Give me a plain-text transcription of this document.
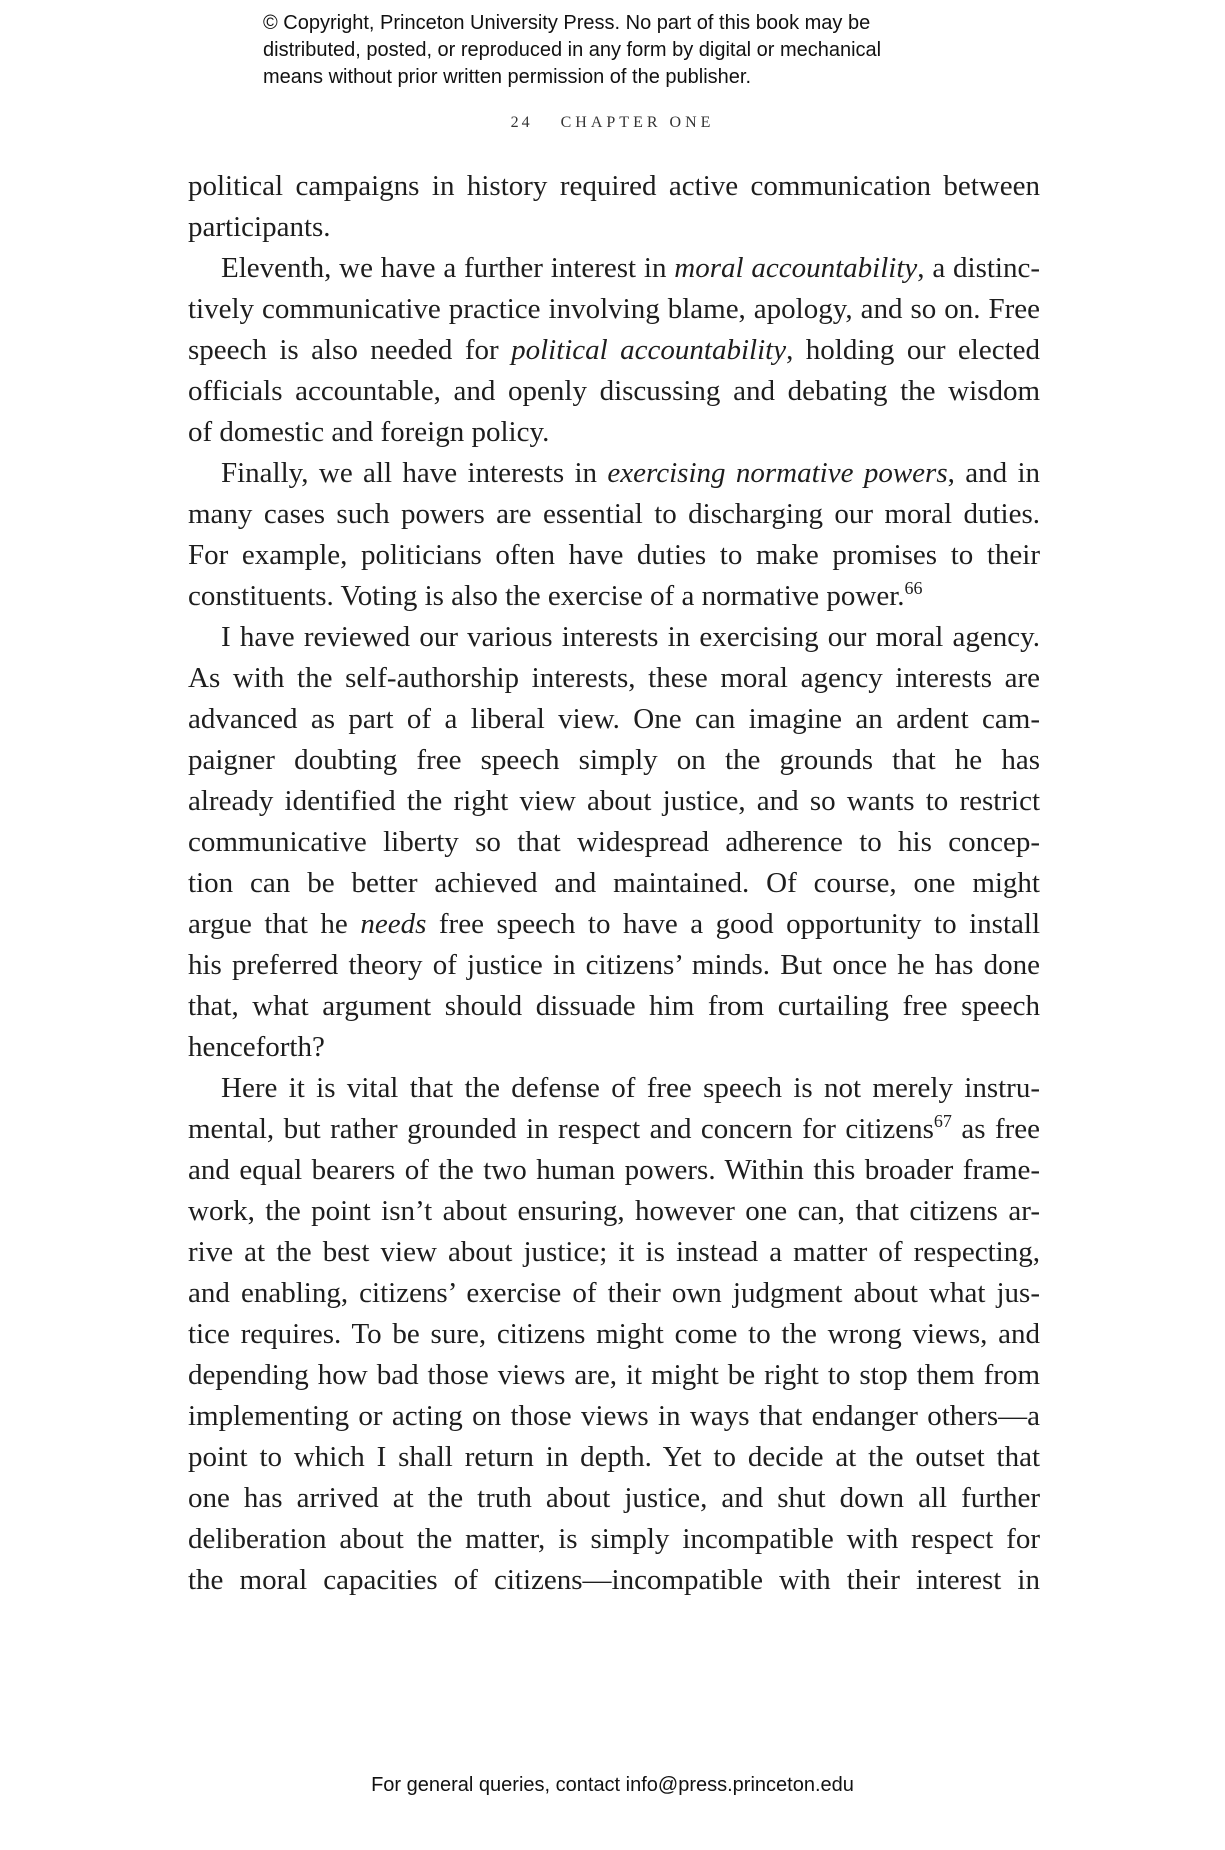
© Copyright, Princeton University Press. No part of this book may be
distributed, posted, or reproduced in any form by digital or mechanical
means without prior written permission of the publisher.
24 CHAPTER ONE
political campaigns in history required active communication between
participants.
Eleventh, we have a further interest in moral accountability, a distinc-
tively communicative practice involving blame, apology, and so on. Free
speech is also needed for political accountability, holding our elected
officials accountable, and openly discussing and debating the wisdom
of domestic and foreign policy.
Finally, we all have interests in exercising normative powers, and in
many cases such powers are essential to discharging our moral duties.
For example, politicians often have duties to make promises to their
constituents. Voting is also the exercise of a normative power.$^{66}$
I have reviewed our various interests in exercising our moral agency.
As with the self-authorship interests, these moral agency interests are
advanced as part of a liberal view. One can imagine an ardent cam-
paigner doubting free speech simply on the grounds that he has
already identified the right view about justice, and so wants to restrict
communicative liberty so that widespread adherence to his concep-
tion can be better achieved and maintained. Of course, one might
argue that he needs free speech to have a good opportunity to install
his preferred theory of justice in citizens’ minds. But once he has done
that, what argument should dissuade him from curtailing free speech
henceforth?
Here it is vital that the defense of free speech is not merely instru-
mental, but rather grounded in respect and concern for citizens$^{67}$ as free
and equal bearers of the two human powers. Within this broader frame-
work, the point isn’t about ensuring, however one can, that citizens ar-
rive at the best view about justice; it is instead a matter of respecting,
and enabling, citizens’ exercise of their own judgment about what jus-
tice requires. To be sure, citizens might come to the wrong views, and
depending how bad those views are, it might be right to stop them from
implementing or acting on those views in ways that endanger others—a
point to which I shall return in depth. Yet to decide at the outset that
one has arrived at the truth about justice, and shut down all further
deliberation about the matter, is simply incompatible with respect for
the moral capacities of citizens—incompatible with their interest in
For general queries, contact info@press.princeton.edu
